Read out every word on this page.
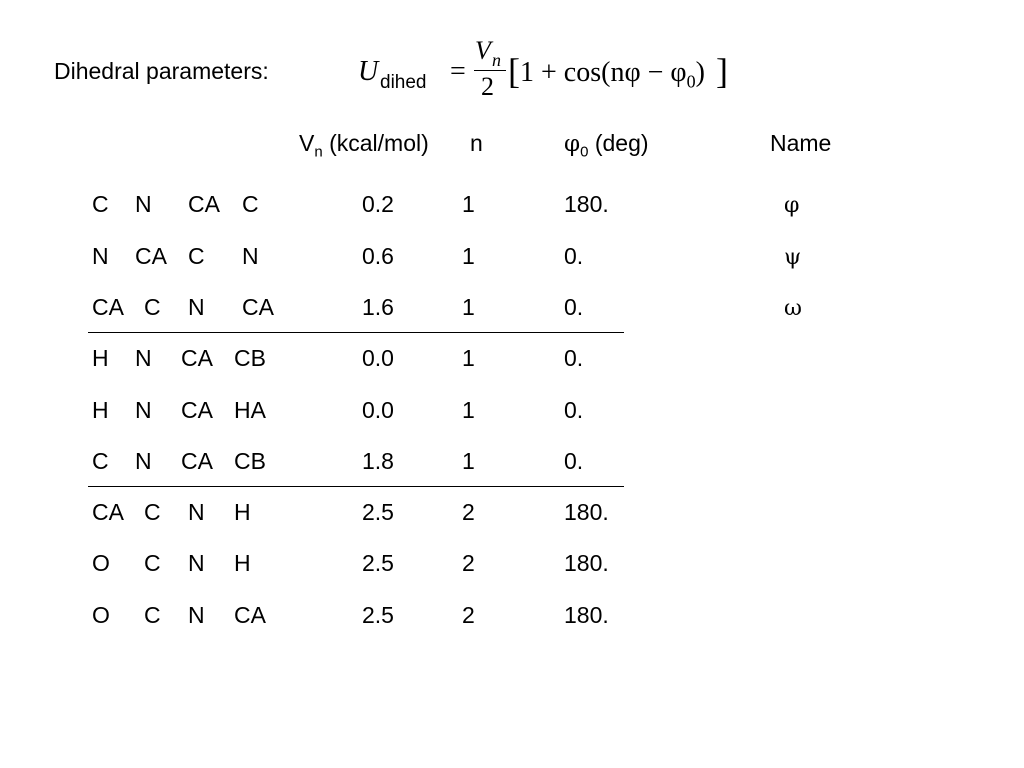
Dihedral parameters:	U dihed =
V n
2 [ $1 + \cos(n\varphi - \varphi_0)$ ]
$V_n$ (kcal/mol) n	$\varphi_0$ (deg)	Name
C N CA C	0.2	1	180.	φ
N CA C N	0.6	1	0.	ψ
CA C N CA	1.6	1	0.	ω
H N CA CB	0.0	1	0.
H N CA HA	0.0	1	0.
C N CA CB	1.8	1	0.
CA C N H	2.5	2	180.
O C N H	2.5	2	180.
O C N CA	2.5	2	180.
